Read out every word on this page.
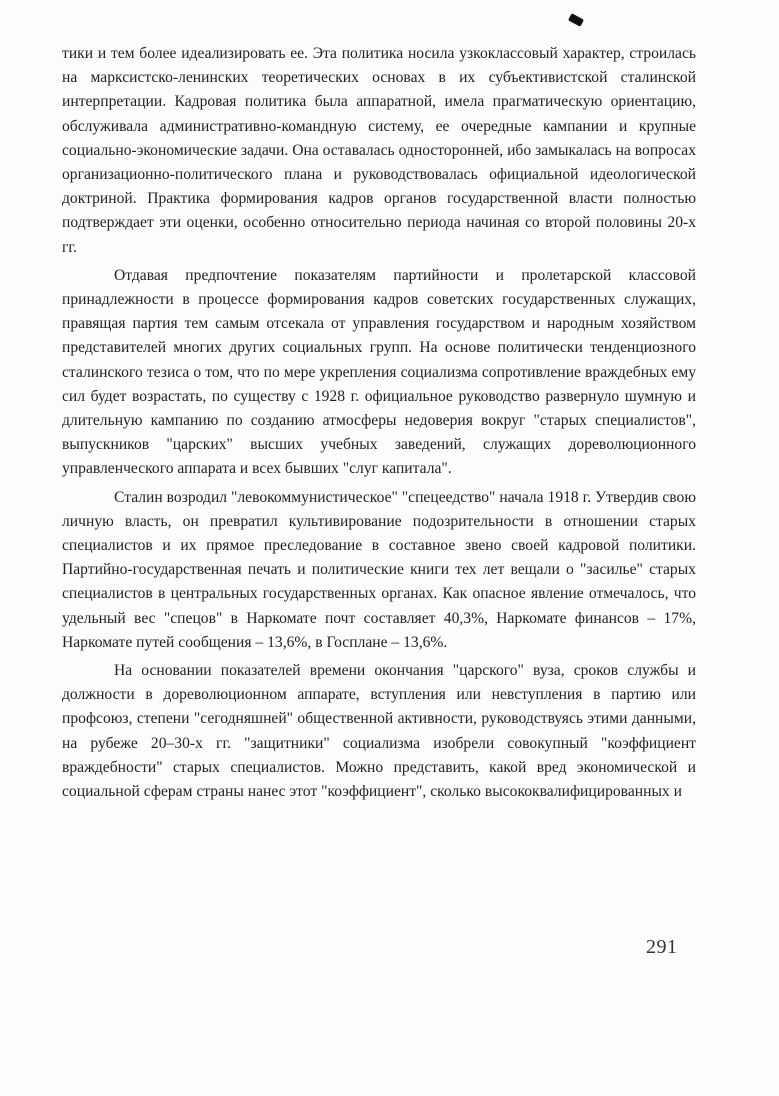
тики и тем более идеализировать ее. Эта политика носила узкоклассовый характер, строилась на марксистско-ленинских теоретических основах в их субъективистской сталинской интерпретации. Кадровая политика была аппаратной, имела прагматическую ориентацию, обслуживала административно-командную систему, ее очередные кампании и крупные социально-экономические задачи. Она оставалась односторонней, ибо замыкалась на вопросах организационно-политического плана и руководствовалась официальной идеологической доктриной. Практика формирования кадров органов государственной власти полностью подтверждает эти оценки, особенно относительно периода начиная со второй половины 20-х гг.

Отдавая предпочтение показателям партийности и пролетарской классовой принадлежности в процессе формирования кадров советских государственных служащих, правящая партия тем самым отсекала от управления государством и народным хозяйством представителей многих других социальных групп. На основе политически тенденциозного сталинского тезиса о том, что по мере укрепления социализма сопротивление враждебных ему сил будет возрастать, по существу с 1928 г. официальное руководство развернуло шумную и длительную кампанию по созданию атмосферы недоверия вокруг "старых специалистов", выпускников "царских" высших учебных заведений, служащих дореволюционного управленческого аппарата и всех бывших "слуг капитала".

Сталин возродил "левокоммунистическое" "спецеедство" начала 1918 г. Утвердив свою личную власть, он превратил культивирование подозрительности в отношении старых специалистов и их прямое преследование в составное звено своей кадровой политики. Партийно-государственная печать и политические книги тех лет вещали о "засилье" старых специалистов в центральных государственных органах. Как опасное явление отмечалось, что удельный вес "спецов" в Наркомате почт составляет 40,3%, Наркомате финансов – 17%, Наркомате путей сообщения – 13,6%, в Госплане – 13,6%.

На основании показателей времени окончания "царского" вуза, сроков службы и должности в дореволюционном аппарате, вступления или невступления в партию или профсоюз, степени "сегодняшней" общественной активности, руководствуясь этими данными, на рубеже 20–30-х гг. "защитники" социализма изобрели совокупный "коэффициент враждебности" старых специалистов. Можно представить, какой вред экономической и социальной сферам страны нанес этот "коэффициент", сколько высококвалифицированных и

291
